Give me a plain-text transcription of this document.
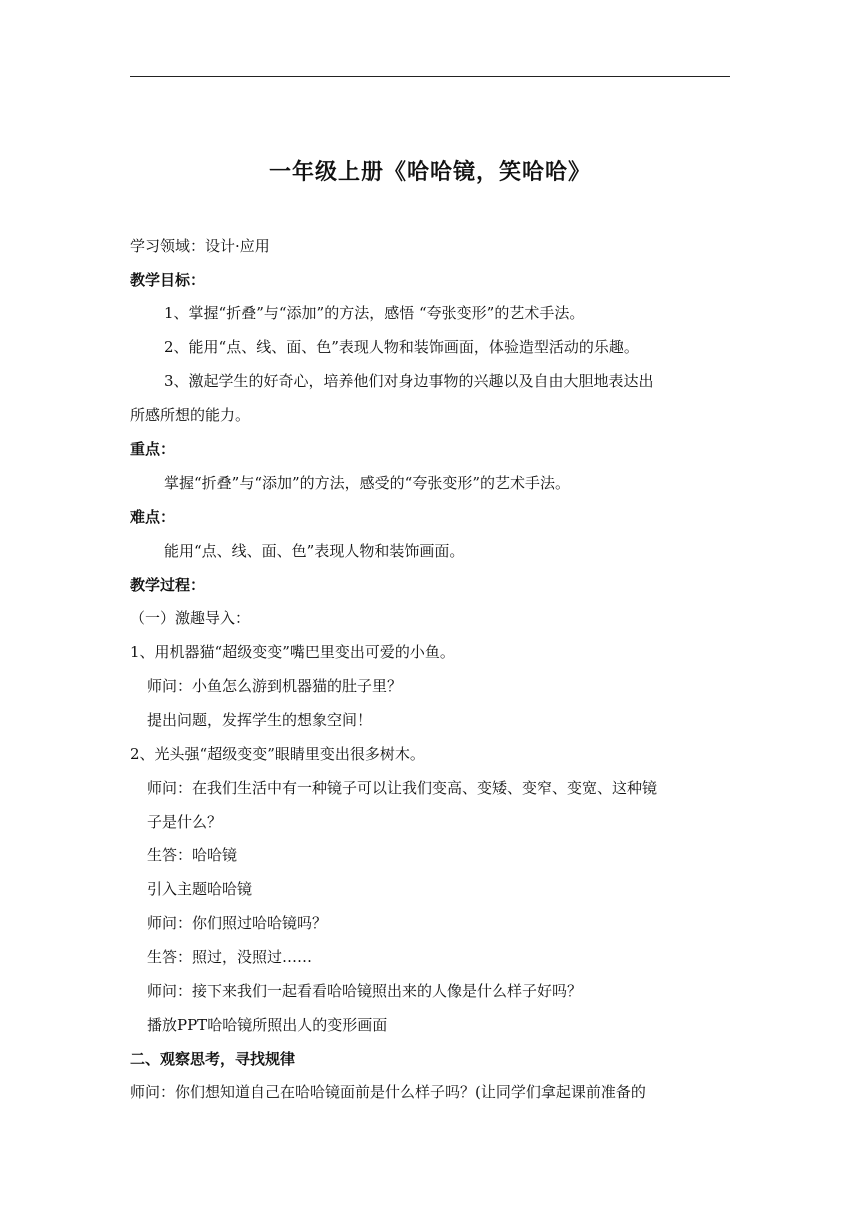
一年级上册《哈哈镜，笑哈哈》
学习领域：设计·应用
教学目标：
1、掌握“折叠”与“添加”的方法，感悟 “夸张变形”的艺术手法。
2、能用“点、线、面、色”表现人物和装饰画面，体验造型活动的乐趣。
3、激起学生的好奇心，培养他们对身边事物的兴趣以及自由大胆地表达出
所感所想的能力。
重点：
掌握“折叠”与“添加”的方法，感受的“夸张变形”的艺术手法。
难点：
能用“点、线、面、色”表现人物和装饰画面。
教学过程：
（一）激趣导入：
1、用机器猫“超级变变”嘴巴里变出可爱的小鱼。
师问：小鱼怎么游到机器猫的肚子里？
提出问题，发挥学生的想象空间！
2、光头强“超级变变”眼睛里变出很多树木。
师问：在我们生活中有一种镜子可以让我们变高、变矮、变窄、变宽、这种镜
子是什么？
生答：哈哈镜
引入主题哈哈镜
师问：你们照过哈哈镜吗？
生答：照过，没照过……
师问：接下来我们一起看看哈哈镜照出来的人像是什么样子好吗？
播放PPT哈哈镜所照出人的变形画面
二、观察思考，寻找规律
师问：你们想知道自己在哈哈镜面前是什么样子吗？(让同学们拿起课前准备的
